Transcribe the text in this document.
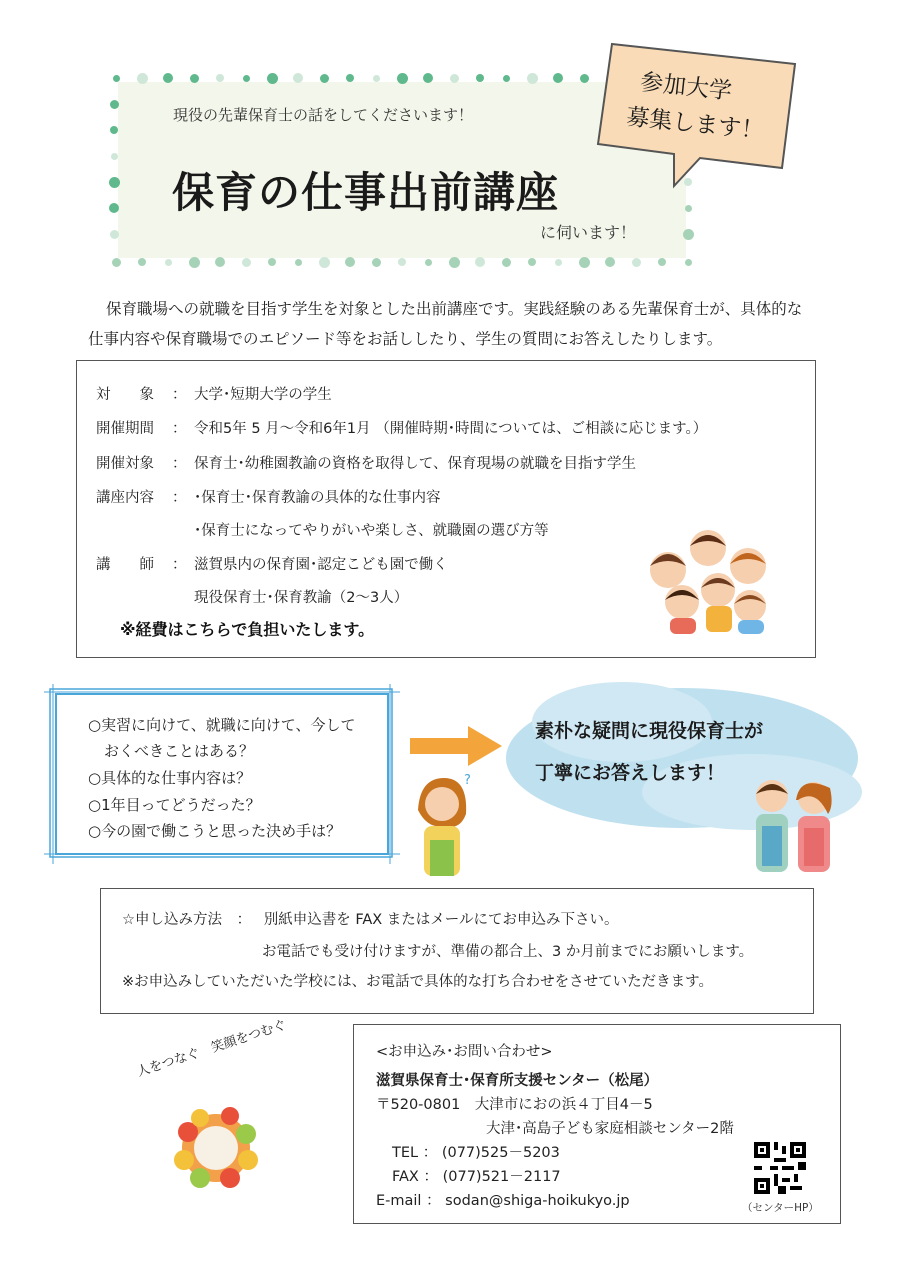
現役の先輩保育士の話をしてくださいます！
保育の仕事出前講座
に伺います！
参加大学
募集します！
保育職場への就職を目指す学生を対象とした出前講座です。実践経験のある先輩保育士が、具体的な仕事内容や保育職場でのエピソード等をお話ししたり、学生の質問にお答えしたりします。
対　　象 ： 大学･短期大学の学生
開催期間 ： 令和5年 5 月～令和6年1月 （開催時期･時間については、ご相談に応じます。）
開催対象 ： 保育士･幼稚園教諭の資格を取得して、保育現場の就職を目指す学生
講座内容 ： ･保育士･保育教諭の具体的な仕事内容
･保育士になってやりがいや楽しさ、就職園の選び方等
講　　師 ： 滋賀県内の保育園･認定こども園で働く
現役保育士･保育教諭（2～3人）
※経費はこちらで負担いたします。
○実習に向けて、就職に向けて、今して
おくべきことはある？
○具体的な仕事内容は？
○1年目ってどうだった？
○今の園で働こうと思った決め手は？
?
素朴な疑問に現役保育士が
丁寧にお答えします！
☆申し込み方法 ： 別紙申込書を FAX またはメールにてお申込み下さい。
お電話でも受け付けますが、準備の都合上、3 か月前までにお願いします。
※お申込みしていただいた学校には、お電話で具体的な打ち合わせをさせていただきます。
人をつなぐ　笑顔をつむぐ	<お申込み･お問い合わせ>
滋賀県保育士･保育所支援センター（松尾）
〒520-0801　大津市におの浜４丁目4－5
大津･高島子ども家庭相談センター2階
TEL ： (077)525－5203
FAX ： (077)521－2117
E-mail ： sodan@shiga-hoikukyo.jp	（センターHP）
